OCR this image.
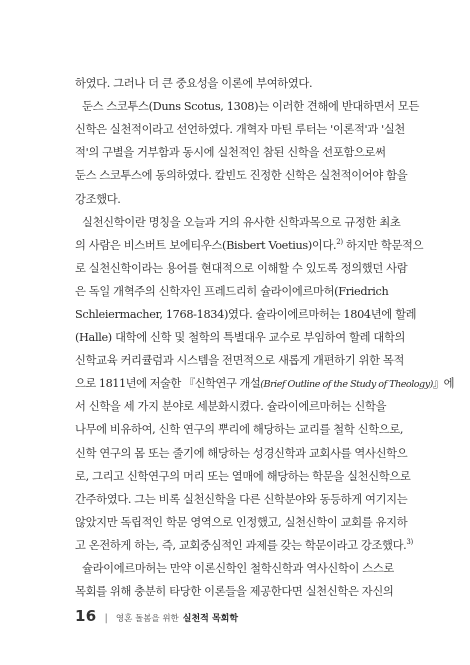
하였다. 그러나 더 큰 중요성을 이론에 부여하였다.
둔스 스코투스(Duns Scotus, 1308)는 이러한 견해에 반대하면서 모든
신학은 실천적이라고 선언하였다. 개혁자 마틴 루터는 '이론적'과 '실천
적'의 구별을 거부함과 동시에 실천적인 참된 신학을 선포함으로써
둔스 스코투스에 동의하였다. 칼빈도 진정한 신학은 실천적이어야 함을
강조했다.
실천신학이란 명칭을 오늘과 거의 유사한 신학과목으로 규정한 최초
의 사람은 비스버트 보에티우스(Bisbert Voetius)이다.$^{2)}$ 하지만 학문적으
로 실천신학이라는 용어를 현대적으로 이해할 수 있도록 정의했던 사람
은 독일 개혁주의 신학자인 프레드리히 슐라이에르마허(Friedrich
Schleiermacher, 1768-1834)였다. 슐라이에르마허는 1804년에 할레
(Halle) 대학에 신학 및 철학의 특별대우 교수로 부임하여 할레 대학의
신학교육 커리큘럼과 시스템을 전면적으로 새롭게 개편하기 위한 목적
으로 1811년에 저술한 『신학연구 개설(Brief Outline of the Study of Theology)』에
서 신학을 세 가지 분야로 세분화시켰다. 슐라이에르마허는 신학을
나무에 비유하여, 신학 연구의 뿌리에 해당하는 교리를 철학 신학으로,
신학 연구의 몸 또는 줄기에 해당하는 성경신학과 교회사를 역사신학으
로, 그리고 신학연구의 머리 또는 열매에 해당하는 학문을 실천신학으로
간주하였다. 그는 비록 실천신학을 다른 신학분야와 동등하게 여기지는
않았지만 독립적인 학문 영역으로 인정했고, 실천신학이 교회를 유지하
고 온전하게 하는, 즉, 교회중심적인 과제를 갖는 학문이라고 강조했다.$^{3)}$
슐라이에르마허는 만약 이론신학인 철학신학과 역사신학이 스스로
목회를 위해 충분히 타당한 이론들을 제공한다면 실천신학은 자신의
16 | 영혼 돌봄을 위한 실천적 목회학
